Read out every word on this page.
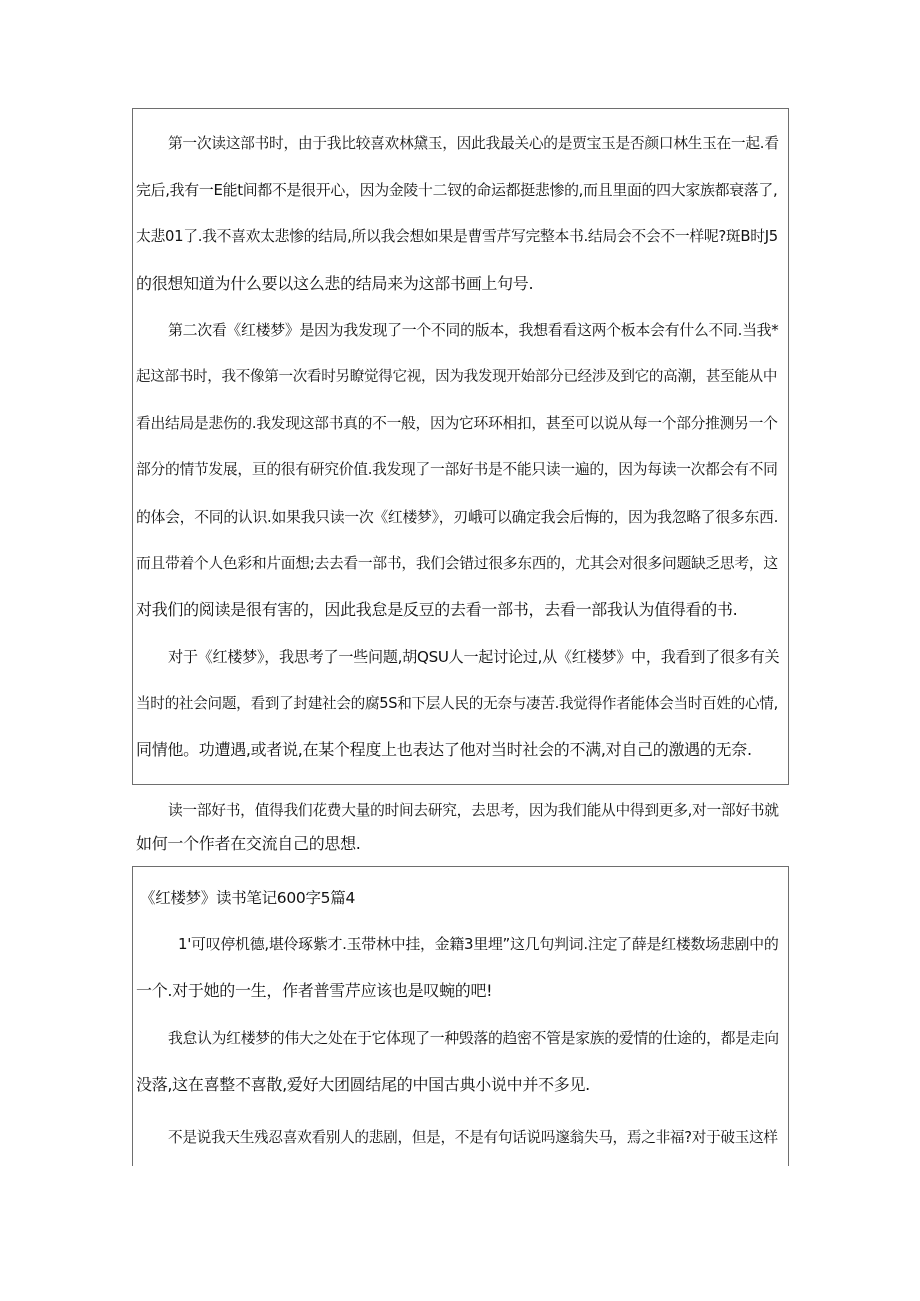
第一次读这部书时，由于我比较喜欢林黛玉，因此我最关心的是贾宝玉是否颜口林生玉在一起.看
完后,我有一E能t间都不是很开心，因为金陵十二钗的命运都挺悲惨的,而且里面的四大家族都衰落了,
太悲01了.我不喜欢太悲惨的结局,所以我会想如果是曹雪芹写完整本书.结局会不会不一样呢?斑B时J5
的很想知道为什么要以这么悲的结局来为这部书画上句号.
第二次看《红楼梦》是因为我发现了一个不同的版本，我想看看这两个板本会有什么不同.当我*
起这部书时，我不像第一次看时另瞭觉得它视，因为我发现开始部分已经涉及到它的高潮，甚至能从中
看出结局是悲伤的.我发现这部书真的不一般，因为它环环相扣，甚至可以说从每一个部分推测另一个
部分的情节发展，亘的很有研究价值.我发现了一部好书是不能只读一遍的，因为每读一次都会有不同
的体会，不同的认识.如果我只读一次《红楼梦》，刃峨可以确定我会后悔的，因为我忽略了很多东西.
而且带着个人色彩和片面想;去去看一部书，我们会错过很多东西的，尤其会对很多问题缺乏思考，这
对我们的阅读是很有害的，因此我怠是反豆的去看一部书，去看一部我认为值得看的书.
对于《红楼梦》，我思考了一些问题,胡QSU人一起讨论过,从《红楼梦》中，我看到了很多有关
当时的社会问题，看到了封建社会的腐5S和下层人民的无奈与凄苦.我觉得作者能体会当时百姓的心情,
同情他。功遭遇,或者说,在某个程度上也表达了他对当时社会的不满,对自己的激遇的无奈.
读一部好书，值得我们花费大量的时间去研究，去思考，因为我们能从中得到更多,对一部好书就
如何一个作者在交流自己的思想.
《红楼梦》读书笔记600字5篇4
1'可叹停机德,堪伶琢紫才.玉带林中挂，金籍3里埋”这几句判词.注定了薛是红楼数场悲剧中的
一个.对于她的一生，作者普雪芹应该也是叹蜿的吧!
我怠认为红楼梦的伟大之处在于它体现了一种毁落的趋密不管是家族的爱情的仕途的，都是走向
没落,这在喜整不喜散,爱好大团圆结尾的中国古典小说中并不多见.
不是说我天生残忍喜欢看别人的悲剧，但是，不是有句话说吗邃翁失马，焉之非福?对于破玉这样
